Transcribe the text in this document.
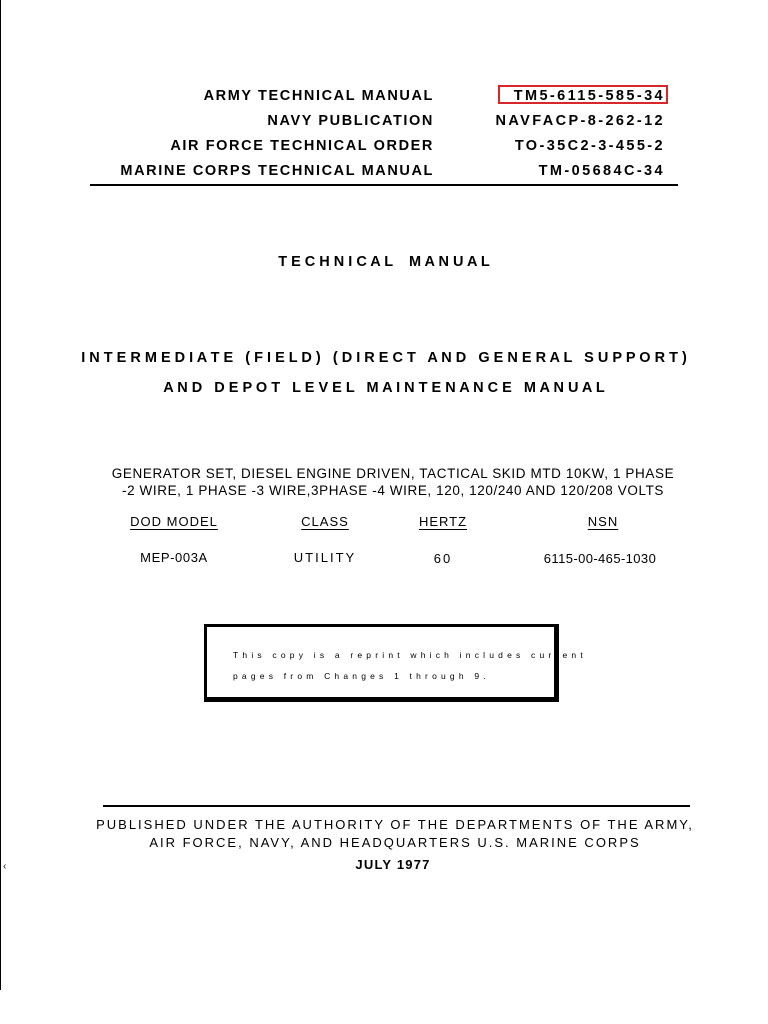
ARMY TECHNICAL MANUAL	TM5-6115-585-34
NAVY PUBLICATION	NAVFACP-8-262-12
AIR FORCE TECHNICAL ORDER	TO-35C2-3-455-2
MARINE CORPS TECHNICAL MANUAL	TM-05684C-34
T E C H N I C A L    M A N U A L
I N T E R M E D I A T E   ( F I E L D )   ( D I R E C T   A N D   G E N E R A L   S U P P O R T )
A N D   D E P O T   L E V E L   M A I N T E N A N C E   M A N U A L
GENERATOR SET, DIESEL ENGINE DRIVEN, TACTICAL SKID MTD 10KW, 1 PHASE
-2 WIRE, 1 PHASE -3 WIRE,3PHASE -4 WIRE, 120, 120/240 AND 120/208 VOLTS
DOD MODEL	CLASS	HERTZ	NSN
MEP-003A	UTILITY	60	6115-00-465-1030
This copy is a reprint which includes current
pages from Changes 1 through 9.
PUBLISHED UNDER THE AUTHORITY OF THE DEPARTMENTS OF THE ARMY,
AIR FORCE, NAVY, AND HEADQUARTERS U.S. MARINE CORPS
JULY 1977
‹
